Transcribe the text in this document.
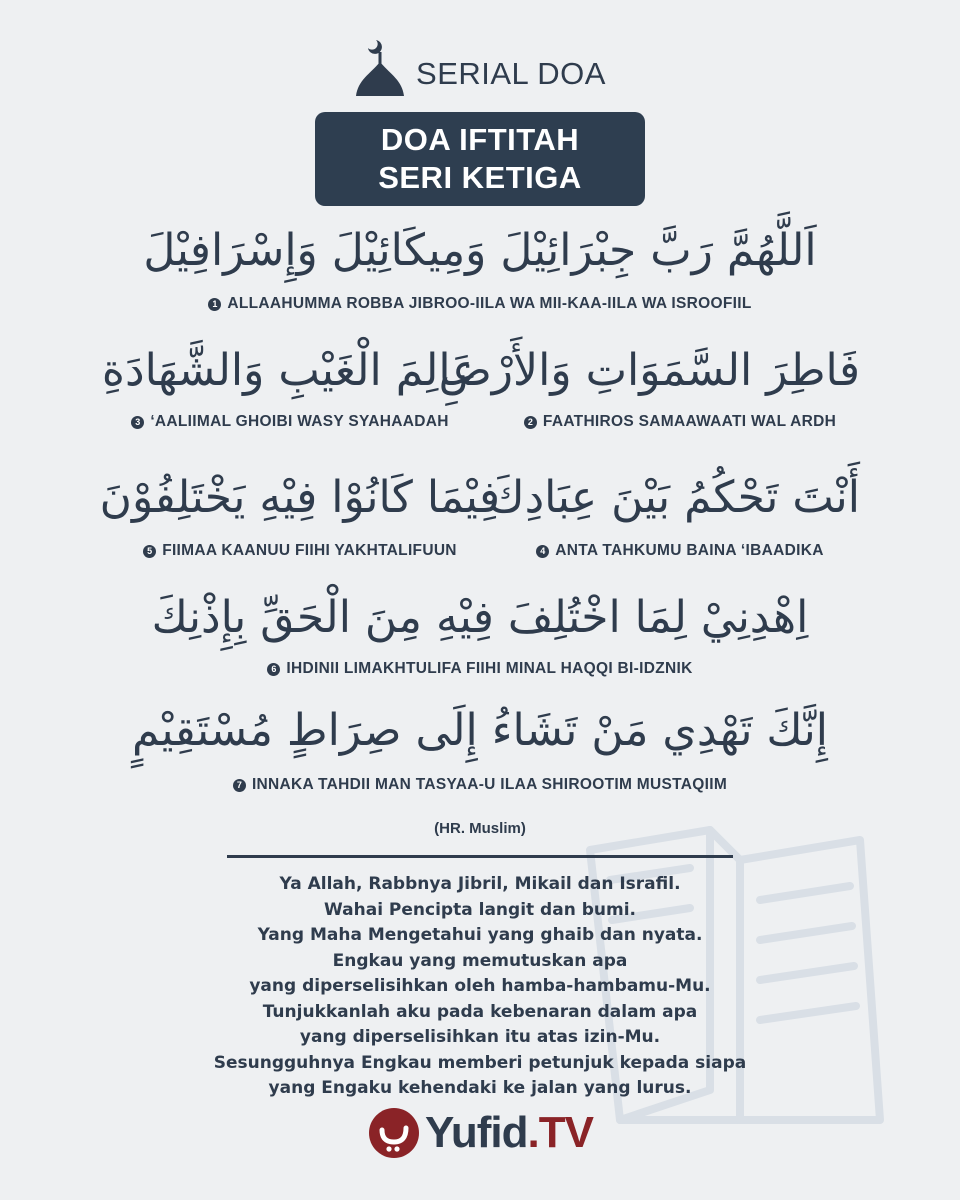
SERIAL DOA
DOA IFTITAH
SERI KETIGA
اَللَّهُمَّ رَبَّ جِبْرَائِيْلَ وَمِيكَائِيْلَ وَإِسْرَافِيْلَ
1 ALLAAHUMMA ROBBA JIBROO-IILA WA MII-KAA-IILA WA ISROOFIIL
فَاطِرَ السَّمَوَاتِ وَالأَرْضِ
2 FAATHIROS SAMAAWAATI WAL ARDH
عَالِمَ الْغَيْبِ وَالشَّهَادَةِ
3 ‘AALIIMAL GHOIBI WASY SYAHAADAH
أَنْتَ تَحْكُمُ بَيْنَ عِبَادِكَ
4 ANTA TAHKUMU BAINA ‘IBAADIKA
فِيْمَا كَانُوْا فِيْهِ يَخْتَلِفُوْنَ
5 FIIMAA KAANUU FIIHI YAKHTALIFUUN
اِهْدِنِيْ لِمَا اخْتُلِفَ فِيْهِ مِنَ الْحَقِّ بِإِذْنِكَ
6 IHDINII LIMAKHTULIFA FIIHI MINAL HAQQI BI-IDZNIK
إِنَّكَ تَهْدِي مَنْ تَشَاءُ إِلَى صِرَاطٍ مُسْتَقِيْمٍ
7 INNAKA TAHDII MAN TASYAA-U ILAA SHIROOTIM MUSTAQIIM
(HR. Muslim)
Ya Allah, Rabbnya Jibril, Mikail dan Israfil.
Wahai Pencipta langit dan bumi.
Yang Maha Mengetahui yang ghaib dan nyata.
Engkau yang memutuskan apa
yang diperselisihkan oleh hamba-hambamu-Mu.
Tunjukkanlah aku pada kebenaran dalam apa
yang diperselisihkan itu atas izin-Mu.
Sesungguhnya Engkau memberi petunjuk kepada siapa
yang Engaku kehendaki ke jalan yang lurus.
Yufid.TV
